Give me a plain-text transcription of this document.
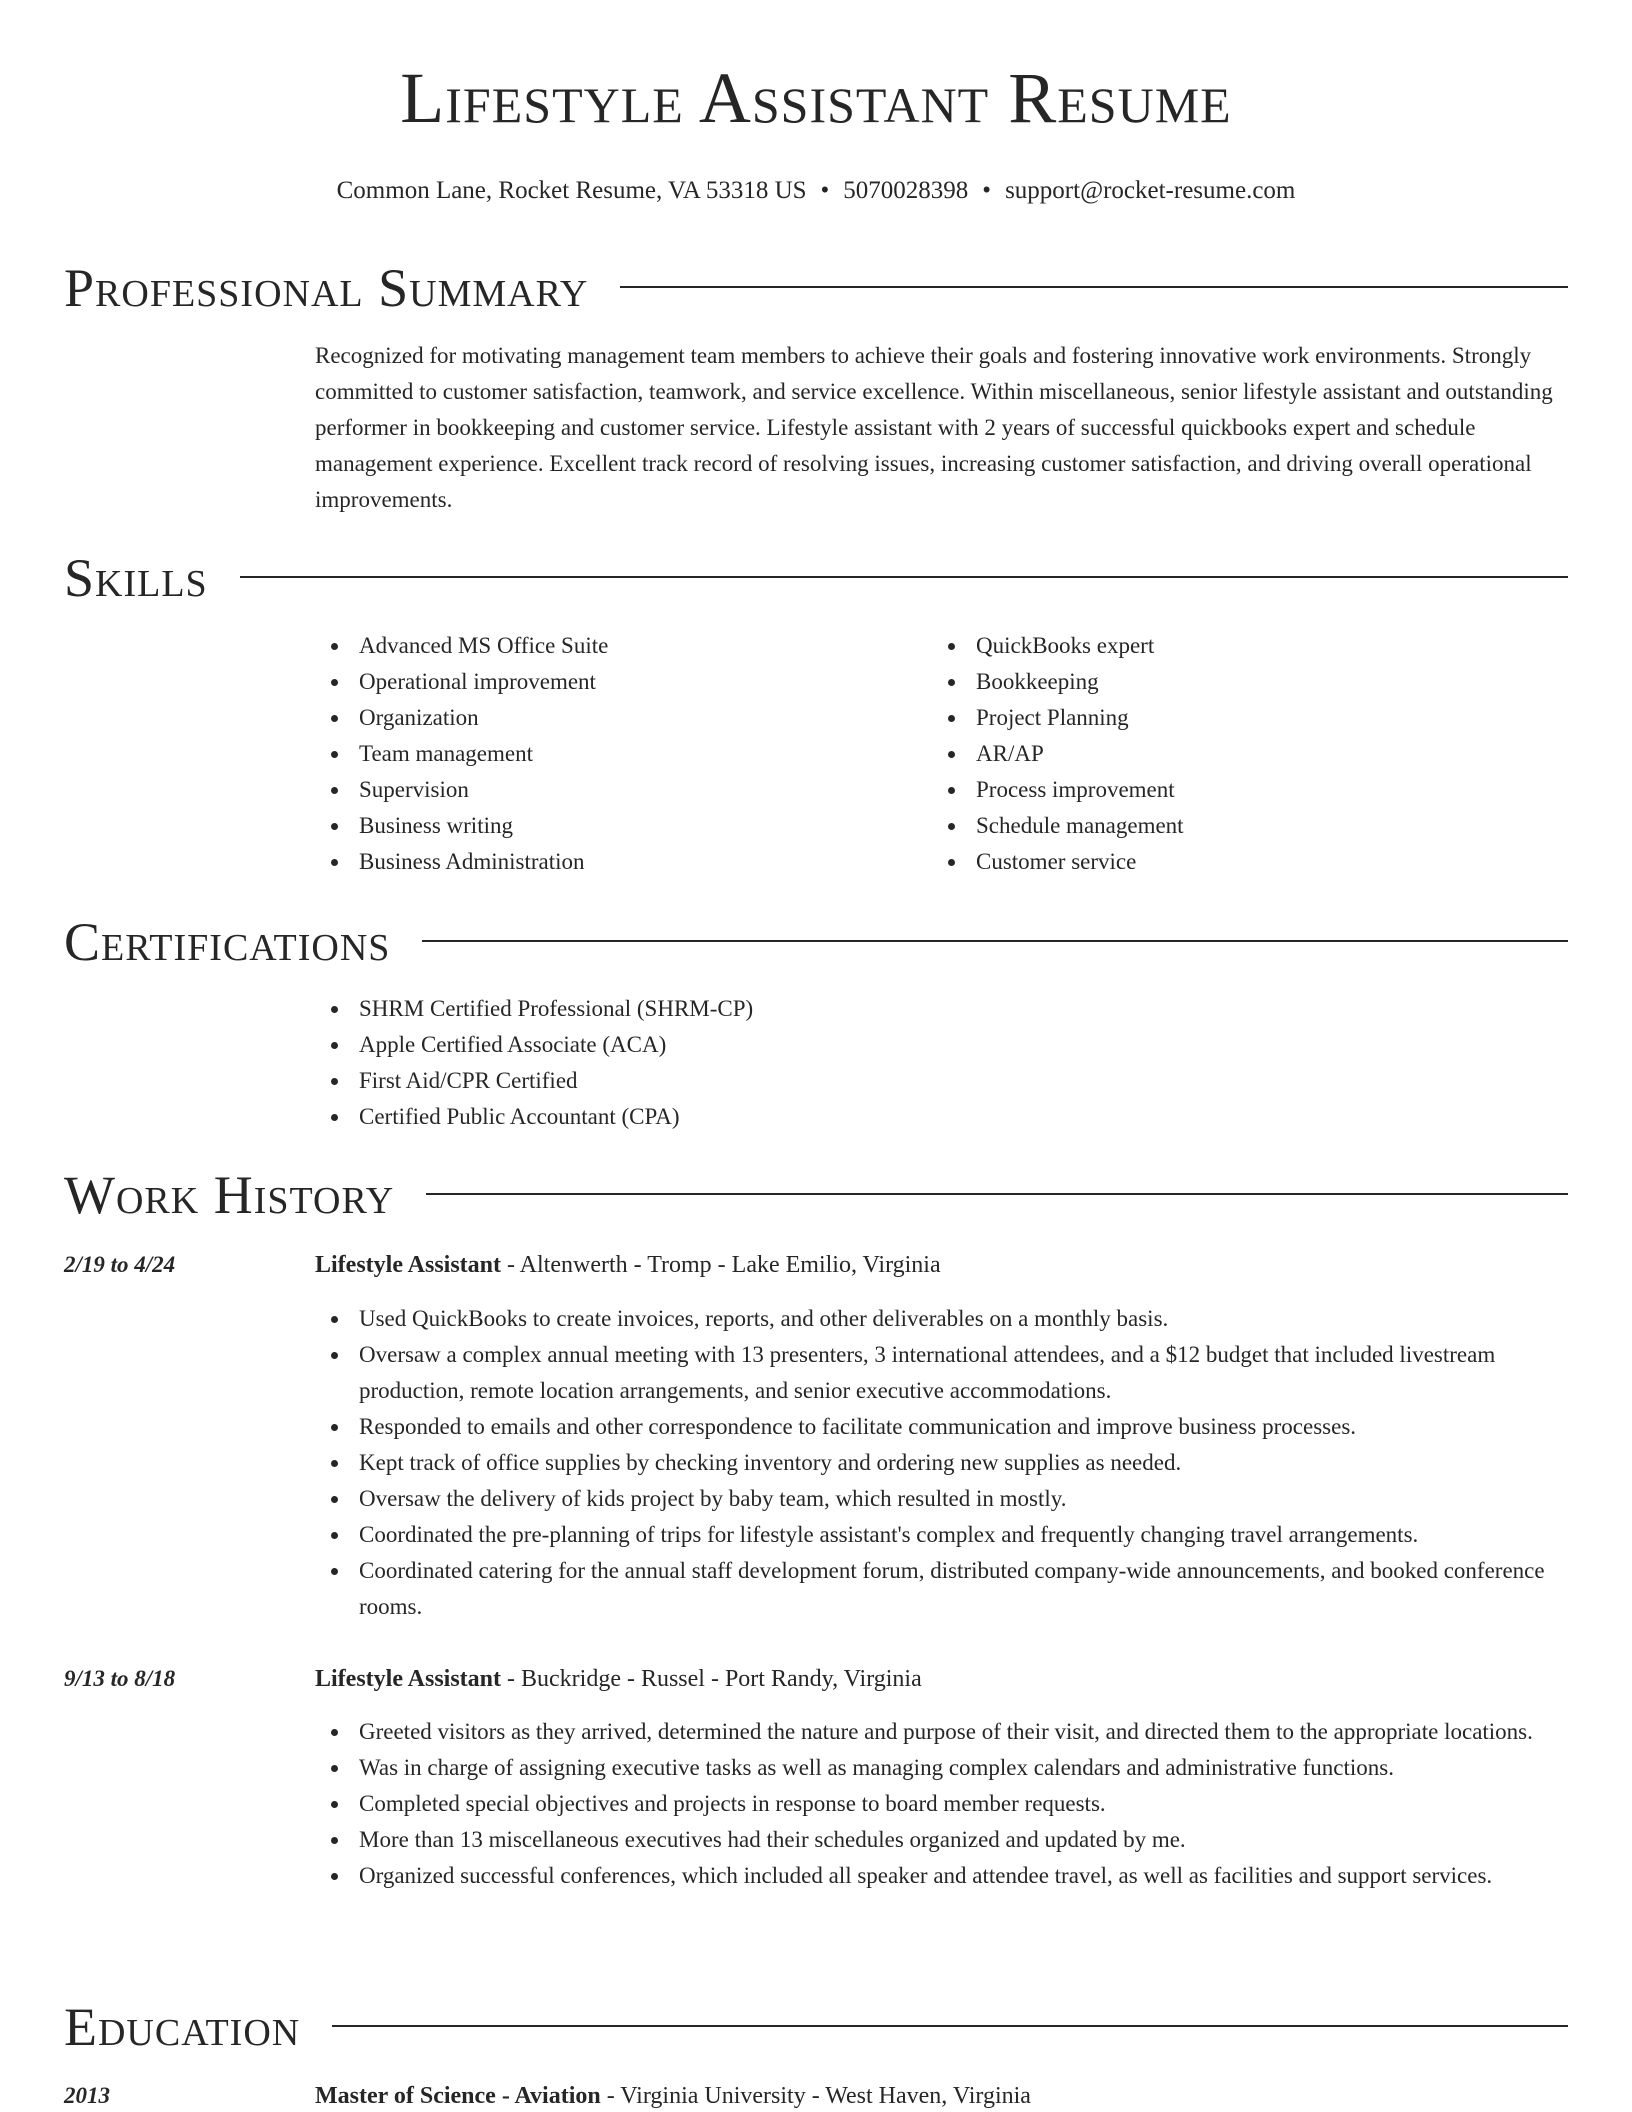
Lifestyle Assistant Resume
Common Lane, Rocket Resume, VA 53318 US • 5070028398 • support@rocket-resume.com
Professional Summary
Recognized for motivating management team members to achieve their goals and fostering innovative work environments. Strongly committed to customer satisfaction, teamwork, and service excellence. Within miscellaneous, senior lifestyle assistant and outstanding performer in bookkeeping and customer service. Lifestyle assistant with 2 years of successful quickbooks expert and schedule management experience. Excellent track record of resolving issues, increasing customer satisfaction, and driving overall operational improvements.
Skills
Advanced MS Office Suite
Operational improvement
Organization
Team management
Supervision
Business writing
Business Administration
QuickBooks expert
Bookkeeping
Project Planning
AR/AP
Process improvement
Schedule management
Customer service
Certifications
SHRM Certified Professional (SHRM-CP)
Apple Certified Associate (ACA)
First Aid/CPR Certified
Certified Public Accountant (CPA)
Work History
2/19 to 4/24	Lifestyle Assistant - Altenwerth - Tromp - Lake Emilio, Virginia
Used QuickBooks to create invoices, reports, and other deliverables on a monthly basis.
Oversaw a complex annual meeting with 13 presenters, 3 international attendees, and a $12 budget that included livestream production, remote location arrangements, and senior executive accommodations.
Responded to emails and other correspondence to facilitate communication and improve business processes.
Kept track of office supplies by checking inventory and ordering new supplies as needed.
Oversaw the delivery of kids project by baby team, which resulted in mostly.
Coordinated the pre-planning of trips for lifestyle assistant's complex and frequently changing travel arrangements.
Coordinated catering for the annual staff development forum, distributed company-wide announcements, and booked conference rooms.
9/13 to 8/18	Lifestyle Assistant - Buckridge - Russel - Port Randy, Virginia
Greeted visitors as they arrived, determined the nature and purpose of their visit, and directed them to the appropriate locations.
Was in charge of assigning executive tasks as well as managing complex calendars and administrative functions.
Completed special objectives and projects in response to board member requests.
More than 13 miscellaneous executives had their schedules organized and updated by me.
Organized successful conferences, which included all speaker and attendee travel, as well as facilities and support services.
Education
2013	Master of Science - Aviation - Virginia University - West Haven, Virginia
